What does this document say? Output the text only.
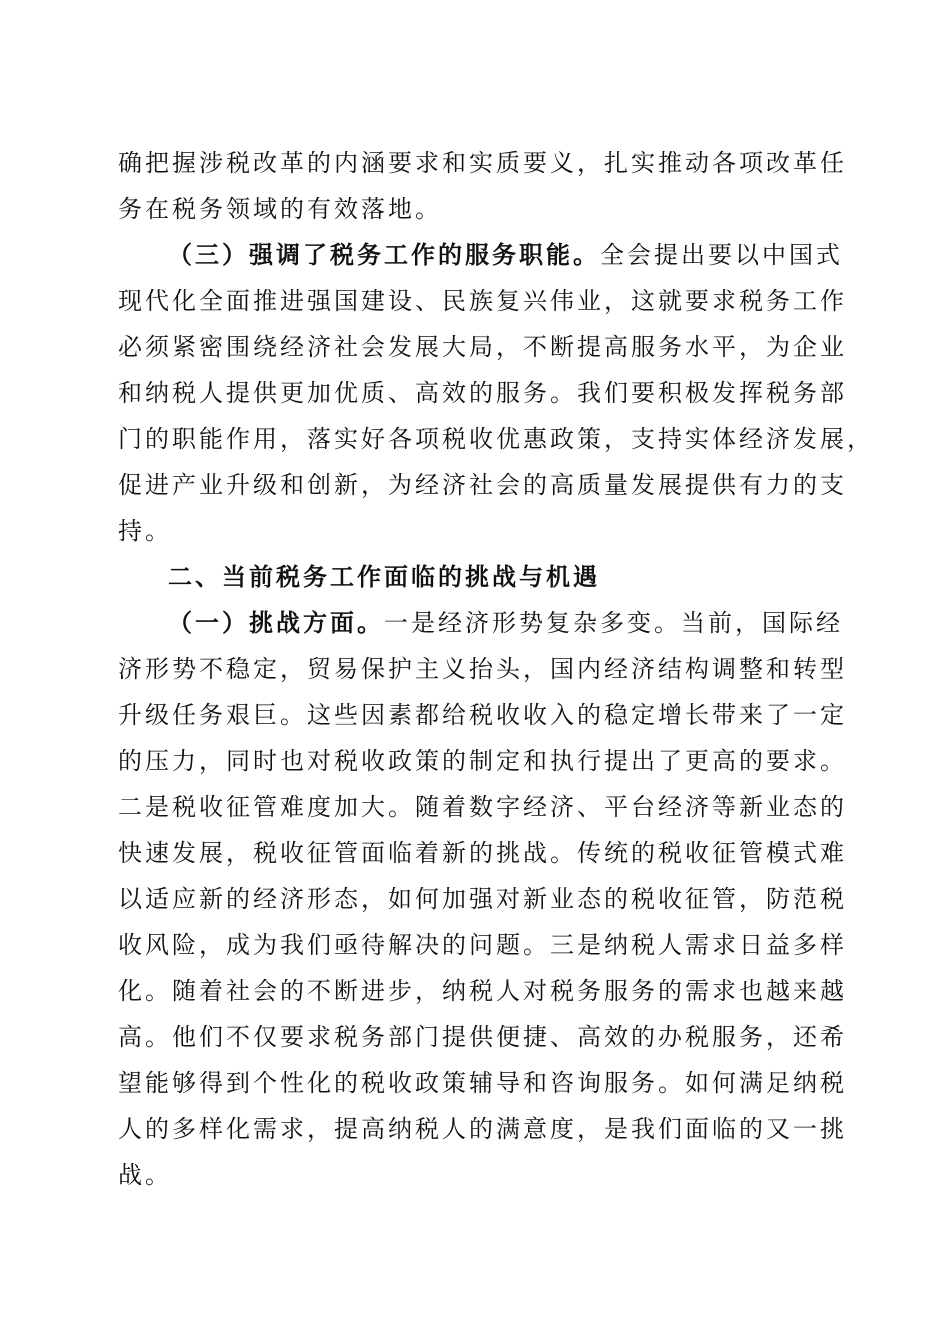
确把握涉税改革的内涵要求和实质要义，扎实推动各项改革任
务在税务领域的有效落地。
（三）强调了税务工作的服务职能。全会提出要以中国式
现代化全面推进强国建设、民族复兴伟业，这就要求税务工作
必须紧密围绕经济社会发展大局，不断提高服务水平，为企业
和纳税人提供更加优质、高效的服务。我们要积极发挥税务部
门的职能作用，落实好各项税收优惠政策，支持实体经济发展，
促进产业升级和创新，为经济社会的高质量发展提供有力的支
持。
二、当前税务工作面临的挑战与机遇
（一）挑战方面。一是经济形势复杂多变。当前，国际经
济形势不稳定，贸易保护主义抬头，国内经济结构调整和转型
升级任务艰巨。这些因素都给税收收入的稳定增长带来了一定
的压力，同时也对税收政策的制定和执行提出了更高的要求。
二是税收征管难度加大。随着数字经济、平台经济等新业态的
快速发展，税收征管面临着新的挑战。传统的税收征管模式难
以适应新的经济形态，如何加强对新业态的税收征管，防范税
收风险，成为我们亟待解决的问题。三是纳税人需求日益多样
化。随着社会的不断进步，纳税人对税务服务的需求也越来越
高。他们不仅要求税务部门提供便捷、高效的办税服务，还希
望能够得到个性化的税收政策辅导和咨询服务。如何满足纳税
人的多样化需求，提高纳税人的满意度，是我们面临的又一挑
战。
